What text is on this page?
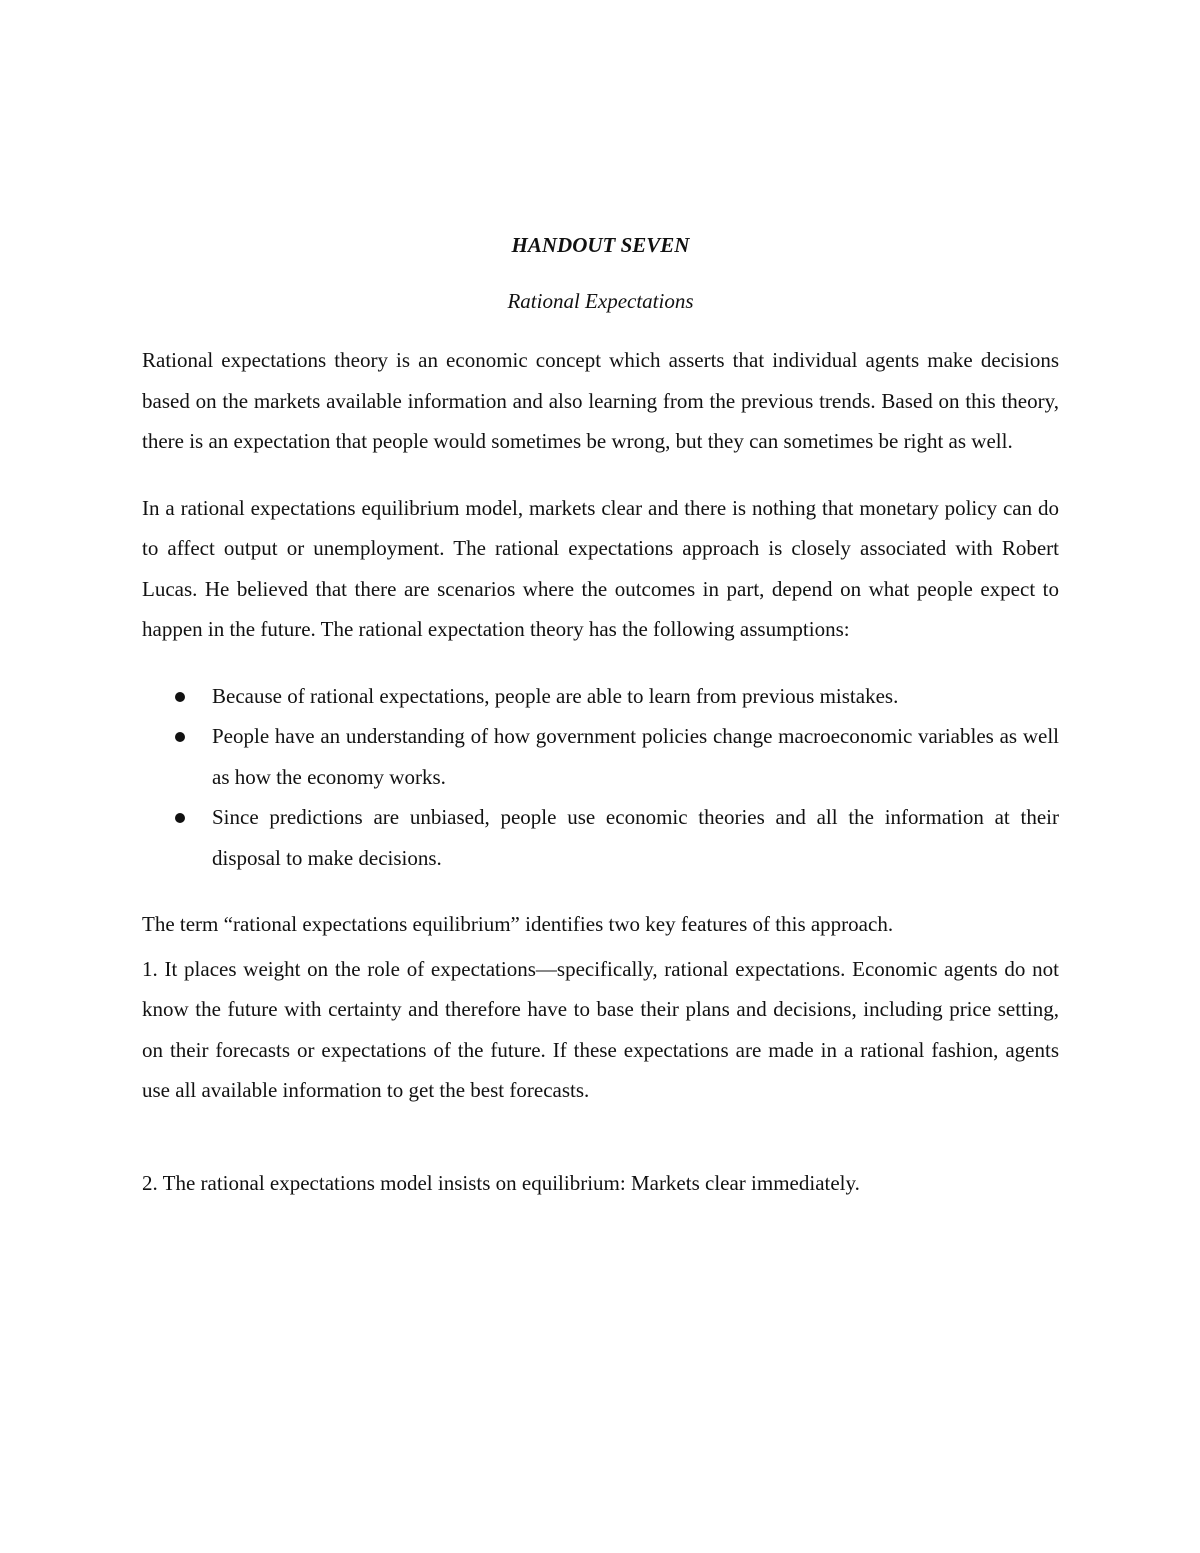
HANDOUT SEVEN
Rational Expectations

Rational expectations theory is an economic concept which asserts that individual agents make decisions based on the markets available information and also learning from the previous trends. Based on this theory, there is an expectation that people would sometimes be wrong, but they can sometimes be right as well.

In a rational expectations equilibrium model, markets clear and there is nothing that monetary policy can do to affect output or unemployment. The rational expectations approach is closely associated with Robert Lucas. He believed that there are scenarios where the outcomes in part, depend on what people expect to happen in the future. The rational expectation theory has the following assumptions:

Because of rational expectations, people are able to learn from previous mistakes.
People have an understanding of how government policies change macroeconomic variables as well as how the economy works.
Since predictions are unbiased, people use economic theories and all the information at their disposal to make decisions.

The term “rational expectations equilibrium” identifies two key features of this approach.

1. It places weight on the role of expectations—specifically, rational expectations. Economic agents do not know the future with certainty and therefore have to base their plans and decisions, including price setting, on their forecasts or expectations of the future. If these expectations are made in a rational fashion, agents use all available information to get the best forecasts.

2. The rational expectations model insists on equilibrium: Markets clear immediately.
